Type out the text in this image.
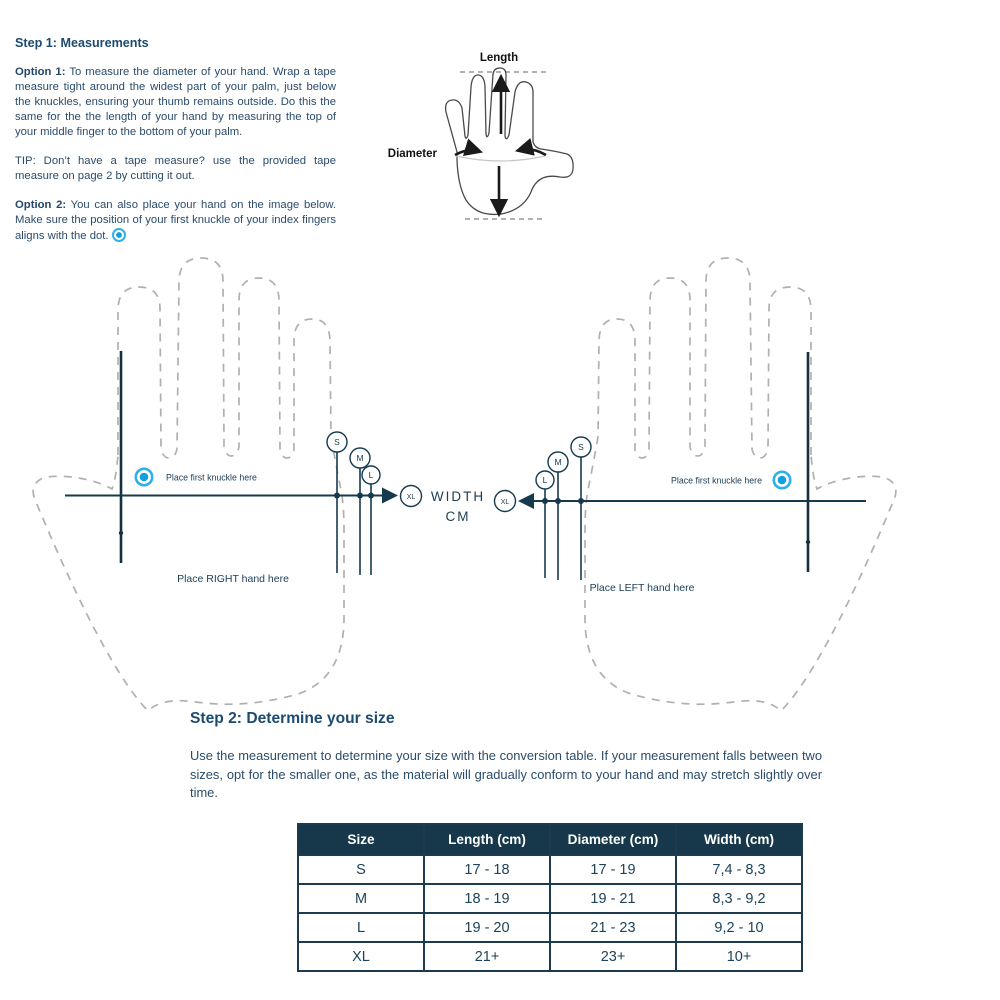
Step 1: Measurements

Option 1: To measure the diameter of your hand. Wrap a tape measure tight around the widest part of your palm, just below the knuckles, ensuring your thumb remains outside. Do this the same for the the length of your hand by measuring the top of your middle finger to the bottom of your palm.

TIP: Don’t have a tape measure? use the provided tape measure on page 2 by cutting it out.

Option 2: You can also place your hand on the image below. Make sure the position of your first knuckle of your index fingers aligns with the dot.

Length
Diameter
S
M
L
XL
Place first knuckle here
Place RIGHT hand here
WIDTH
CM
L
M
S
XL
Place first knuckle here
Place LEFT hand here
Step 2: Determine your size
Use the measurement to determine your size with the conversion table. If your measurement falls between two sizes, opt for the smaller one, as the material will gradually conform to your hand and may stretch slightly over time.
Size	Length (cm)	Diameter (cm)	Width (cm)
S	17 - 18	17 - 19	7,4 - 8,3
M	18 - 19	19 - 21	8,3 - 9,2
L	19 - 20	21 - 23	9,2 - 10
XL	21+	23+	10+
